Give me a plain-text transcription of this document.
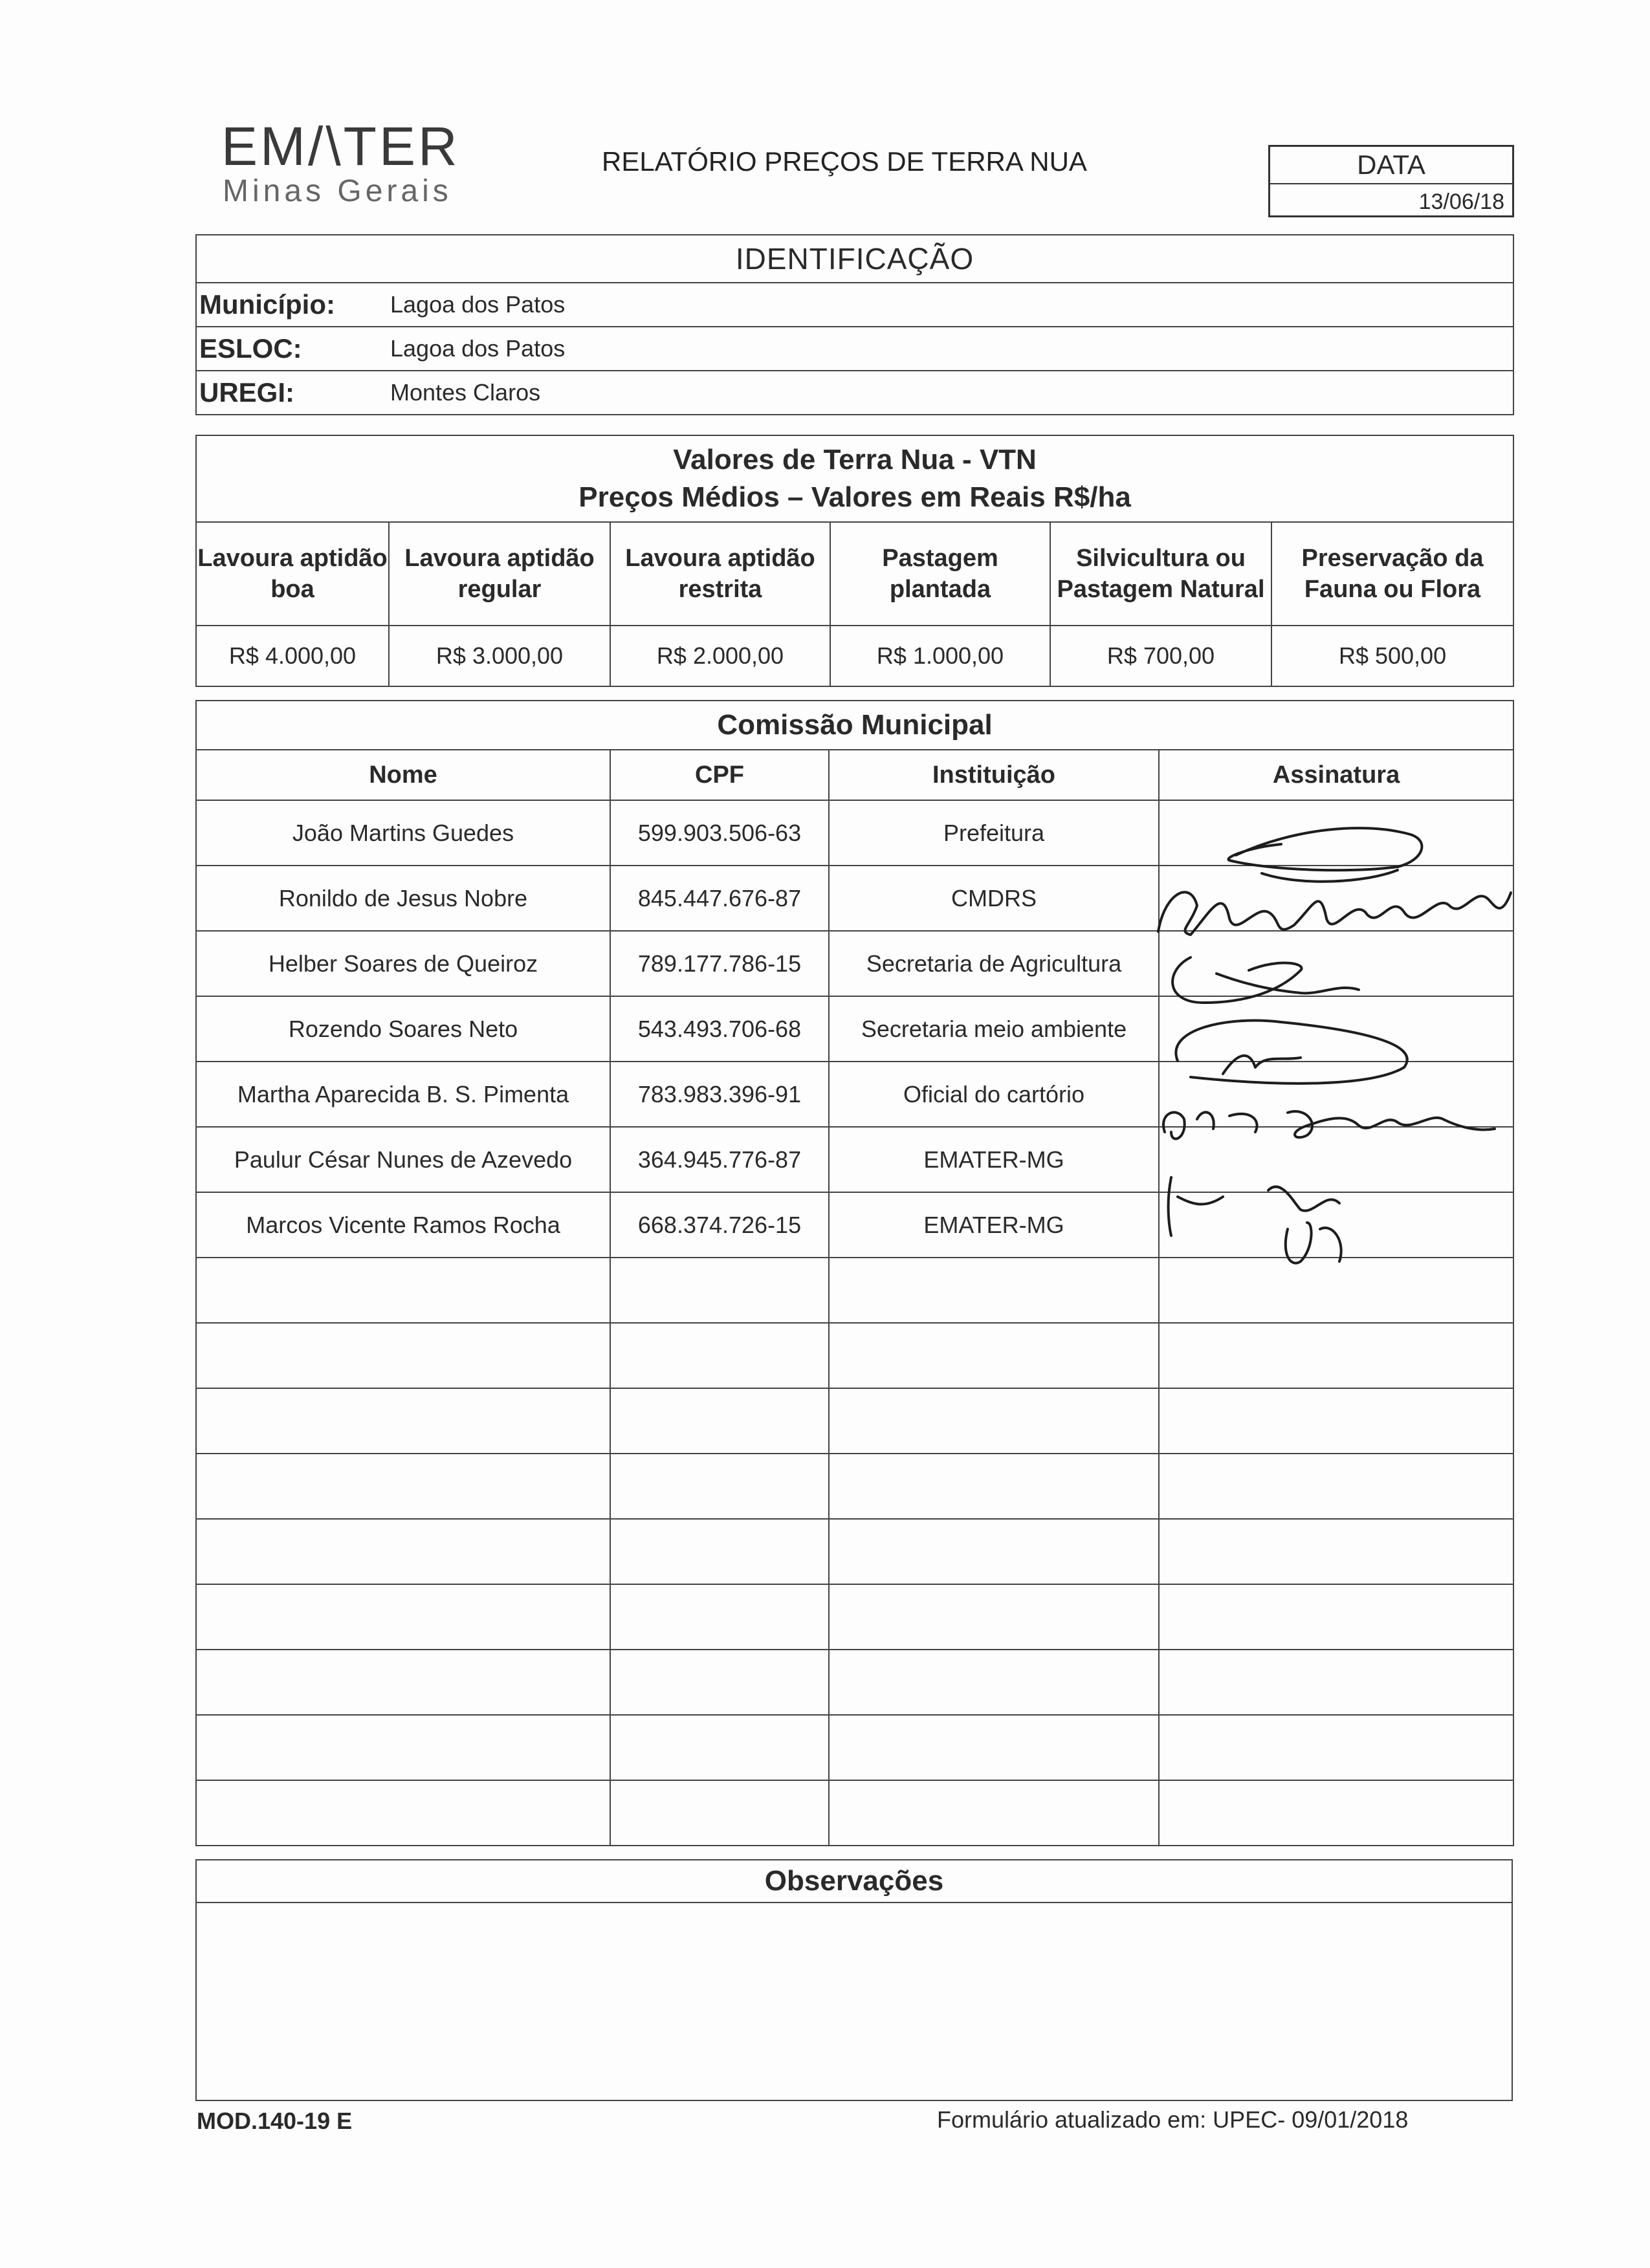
EM/\TER
Minas Gerais
RELATÓRIO PREÇOS DE TERRA NUA	DATA
13/06/18
IDENTIFICAÇÃO	
Município:	Lagoa dos Patos
ESLOC:	Lagoa dos Patos
UREGI:	Montes Claros
Valores de Terra Nua - VTN
Preços Médios – Valores em Reais R$/ha					

Lavoura aptidão boa	Lavoura aptidão regular	Lavoura aptidão restrita	Pastagem plantada	Silvicultura ou Pastagem Natural	Preservação da Fauna ou Flora
R$ 4.000,00	R$ 3.000,00	R$ 2.000,00	R$ 1.000,00	R$ 700,00	R$ 500,00
Comissão Municipal			
Nome	CPF	Instituição	Assinatura
João Martins Guedes	599.903.506-63	Prefeitura	
Ronildo de Jesus Nobre	845.447.676-87	CMDRS	
Helber Soares de Queiroz	789.177.786-15	Secretaria de Agricultura	
Rozendo Soares Neto	543.493.706-68	Secretaria meio ambiente	
Martha Aparecida B. S. Pimenta	783.983.396-91	Oficial do cartório	
Paulur César Nunes de Azevedo	364.945.776-87	EMATER-MG	
Marcos Vicente Ramos Rocha	668.374.726-15	EMATER-MG	

Observações
MOD.140-19 E	Formulário atualizado em: UPEC- 09/01/2018
